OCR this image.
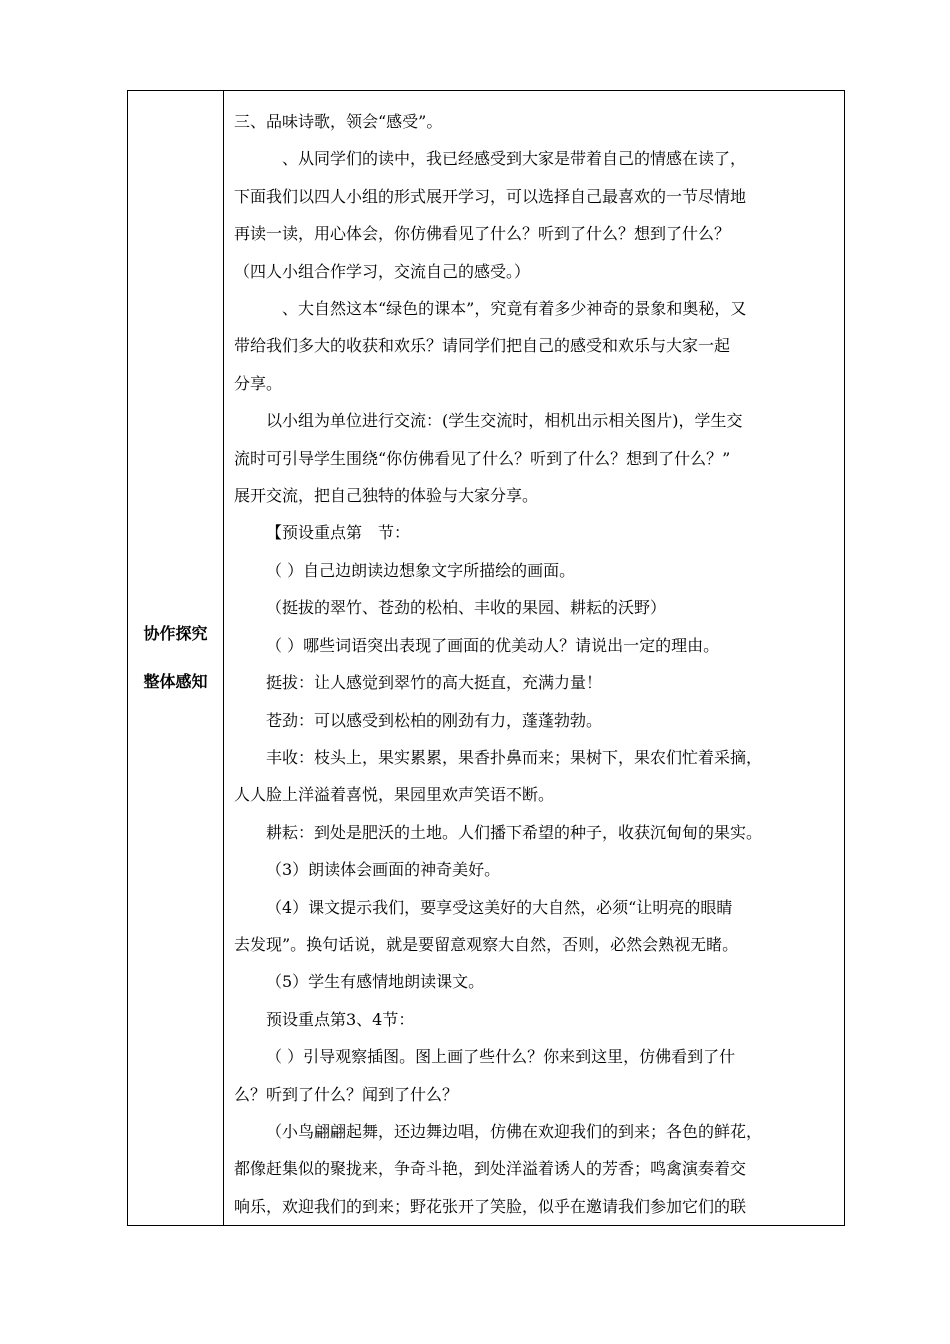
协作探究
整体感知

三、品味诗歌，领会“感受”。
、从同学们的读中，我已经感受到大家是带着自己的情感在读了，
下面我们以四人小组的形式展开学习，可以选择自己最喜欢的一节尽情地
再读一读，用心体会，你仿佛看见了什么？听到了什么？想到了什么？
（四人小组合作学习，交流自己的感受。）
、大自然这本“绿色的课本”，究竟有着多少神奇的景象和奥秘，又
带给我们多大的收获和欢乐？请同学们把自己的感受和欢乐与大家一起
分享。
以小组为单位进行交流：(学生交流时，相机出示相关图片)，学生交
流时可引导学生围绕“你仿佛看见了什么？听到了什么？想到了什么？”
展开交流，把自己独特的体验与大家分享。
【预设重点第　节：
（ ）自己边朗读边想象文字所描绘的画面。
（挺拔的翠竹、苍劲的松柏、丰收的果园、耕耘的沃野）
（ ）哪些词语突出表现了画面的优美动人？请说出一定的理由。
挺拔：让人感觉到翠竹的高大挺直，充满力量！
苍劲：可以感受到松柏的刚劲有力，蓬蓬勃勃。
丰收：枝头上，果实累累，果香扑鼻而来；果树下，果农们忙着采摘，
人人脸上洋溢着喜悦，果园里欢声笑语不断。
耕耘：到处是肥沃的土地。人们播下希望的种子，收获沉甸甸的果实。
（3）朗读体会画面的神奇美好。
（4）课文提示我们，要享受这美好的大自然，必须“让明亮的眼睛
去发现”。换句话说，就是要留意观察大自然，否则，必然会熟视无睹。
（5）学生有感情地朗读课文。
预设重点第3、4节：
（ ）引导观察插图。图上画了些什么？你来到这里，仿佛看到了什
么？听到了什么？闻到了什么？
（小鸟翩翩起舞，还边舞边唱，仿佛在欢迎我们的到来；各色的鲜花，
都像赶集似的聚拢来，争奇斗艳，到处洋溢着诱人的芳香；鸣禽演奏着交
响乐，欢迎我们的到来；野花张开了笑脸，似乎在邀请我们参加它们的联
